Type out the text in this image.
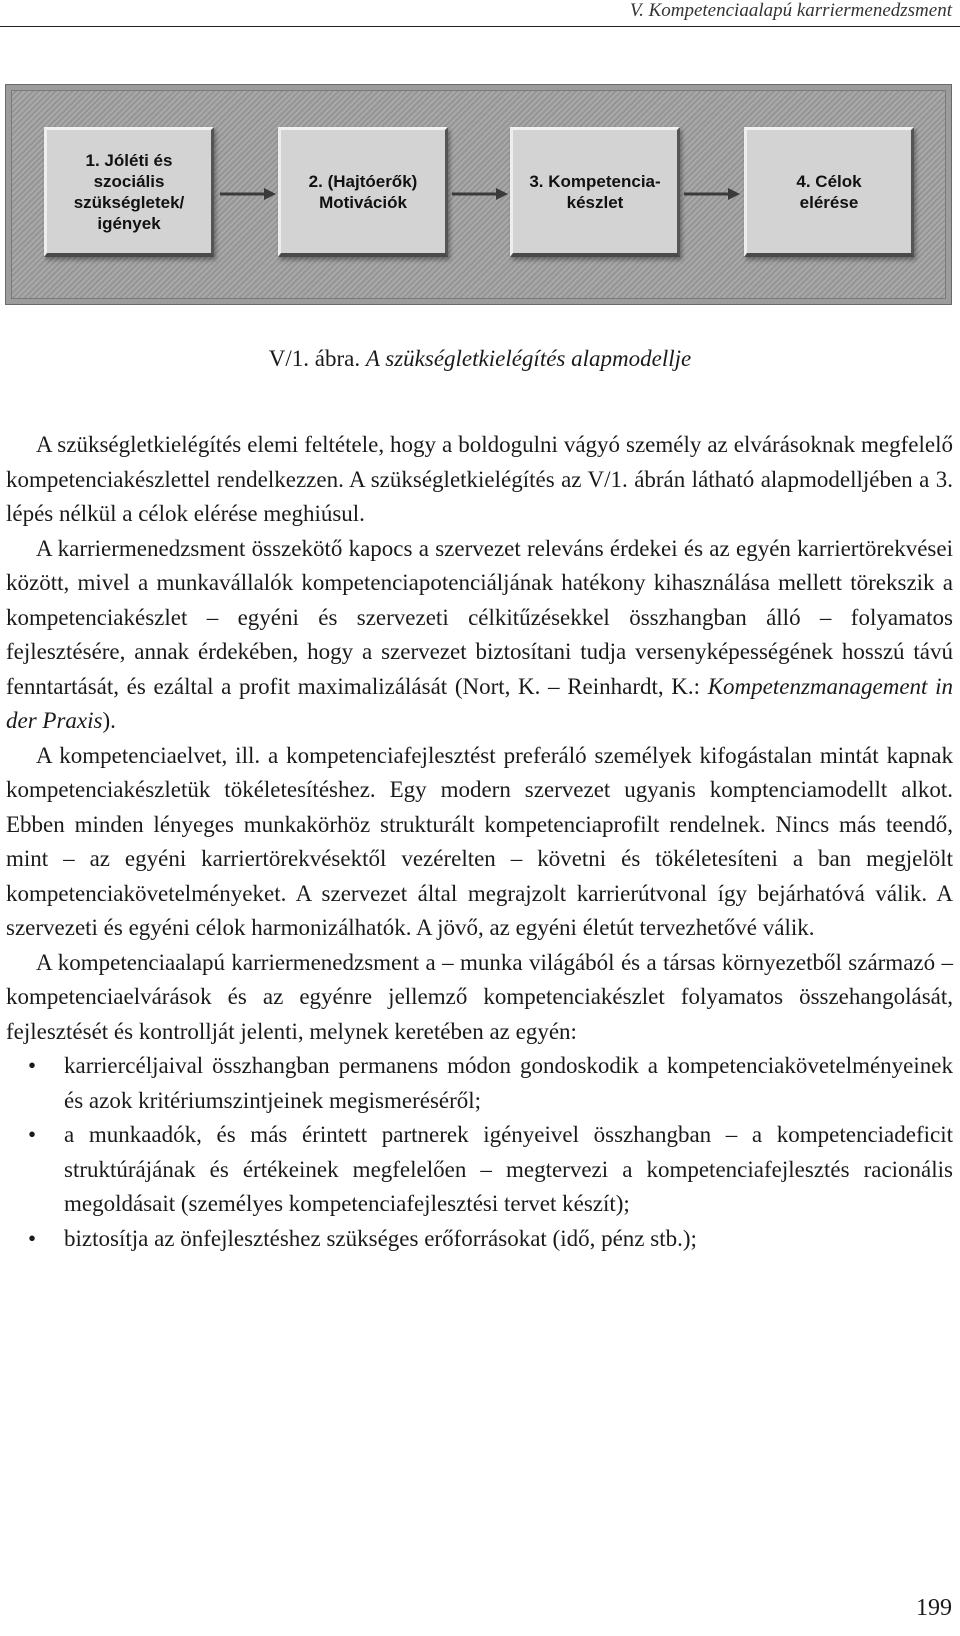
V. Kompetenciaalapú karriermenedzsment
1. Jóléti és
szociális
szükségletek/
igények
2. (Hajtóerők)
Motivációk
3. Kompetencia-
készlet
4. Célok
elérése
V/1. ábra. A szükségletkielégítés alapmodellje

A szükségletkielégítés elemi feltétele, hogy a boldogulni vágyó személy az elvárásoknak megfelelő kompetenciakészlettel rendelkezzen. A szükségletkielégítés az V/1. ábrán látható alapmodelljében a 3. lépés nélkül a célok elérése meghiúsul.

A karriermenedzsment összekötő kapocs a szervezet releváns érdekei és az egyén karriertörekvései között, mivel a munkavállalók kompetenciapotenciáljának hatékony kihasználása mellett törekszik a kompetenciakészlet – egyéni és szervezeti célkitűzésekkel összhangban álló – folyamatos fejlesztésére, annak érdekében, hogy a szervezet biztosítani tudja versenyképességének hosszú távú fenntartását, és ezáltal a profit maximalizálását (Nort, K. – Reinhardt, K.: Kompetenzmanagement in der Praxis).

A kompetenciaelvet, ill. a kompetenciafejlesztést preferáló személyek kifogástalan mintát kapnak kompetenciakészletük tökéletesítéshez. Egy modern szervezet ugyanis komptenciamodellt alkot. Ebben minden lényeges munkakörhöz strukturált kompetenciaprofilt rendelnek. Nincs más teendő, mint – az egyéni karriertörekvésektől vezérelten – követni és tökéletesíteni a ban megjelölt kompetenciakövetelményeket. A szervezet által megrajzolt karrierútvonal így bejárhatóvá válik. A szervezeti és egyéni célok harmonizálhatók. A jövő, az egyéni életút tervezhetővé válik.

A kompetenciaalapú karriermenedzsment a – munka világából és a társas környezetből származó – kompetenciaelvárások és az egyénre jellemző kompetenciakészlet folyamatos összehangolását, fejlesztését és kontrollját jelenti, melynek keretében az egyén:

• karriercéljaival összhangban permanens módon gondoskodik a kompetenciakövetelményeinek és azok kritériumszintjeinek megismeréséről;
• a munkaadók, és más érintett partnerek igényeivel összhangban – a kompetenciadeficit struktúrájának és értékeinek megfelelően – megtervezi a kompetenciafejlesztés racionális megoldásait (személyes kompetenciafejlesztési tervet készít);
• biztosítja az önfejlesztéshez szükséges erőforrásokat (idő, pénz stb.);
199
